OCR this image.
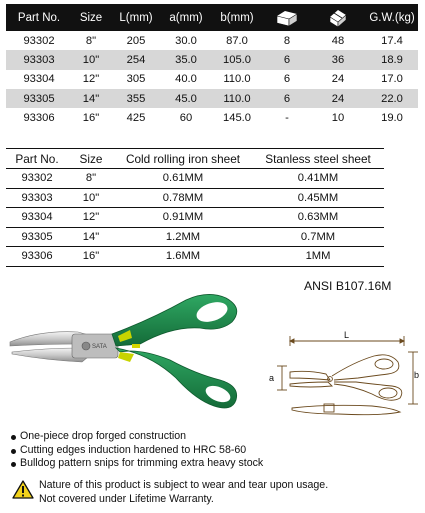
Part No.	Size	L(mm)	a(mm)	b(mm)			G.W.(kg)
93302	8"	205	30.0	87.0	8	48	17.4
93303	10"	254	35.0	105.0	6	36	18.9
93304	12"	305	40.0	110.0	6	24	17.0
93305	14"	355	45.0	110.0	6	24	22.0
93306	16"	425	60	145.0	-	10	19.0
Part No.	Size	Cold rolling iron sheet	Stanless steel sheet
93302	8"	0.61MM	0.41MM
93303	10"	0.78MM	0.45MM
93304	12"	0.91MM	0.63MM
93305	14"	1.2MM	0.7MM
93306	16"	1.6MM	1MM
ANSI B107.16M
SATA
L
a	b
One-piece drop forged construction
Cutting edges induction hardened to HRC 58-60
Bulldog pattern snips for trimming extra heavy stock
Nature of this product is subject to wear and tear upon usage.
Not covered under Lifetime Warranty.
